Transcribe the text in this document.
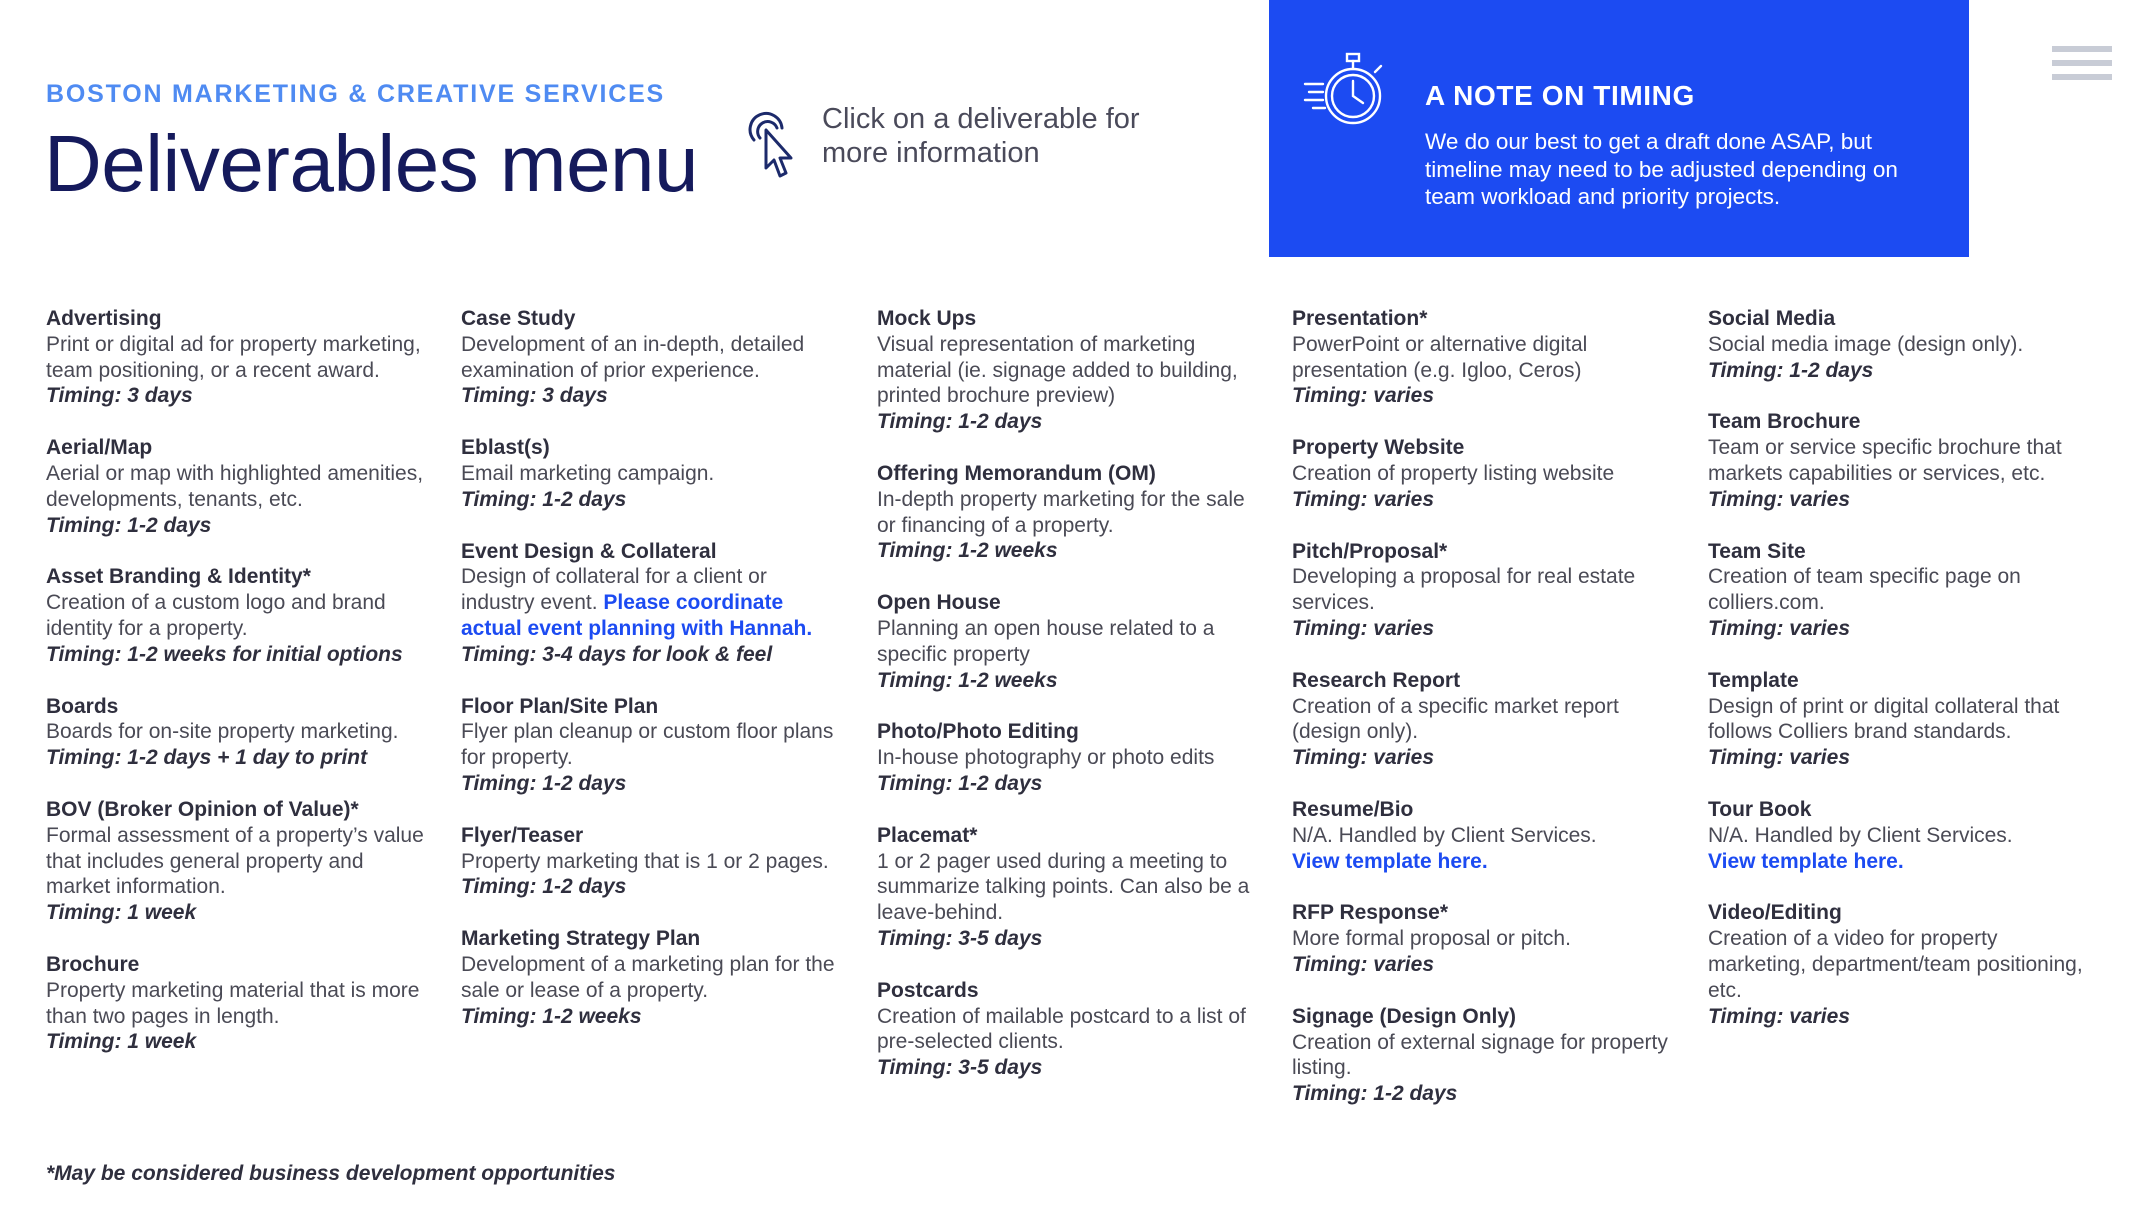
BOSTON MARKETING & CREATIVE SERVICES
Deliverables menu	Click on a deliverable for
more information
A NOTE ON TIMING
We do our best to get a draft done ASAP, but timeline may need to be adjusted depending on team workload and priority projects.
Advertising
Print or digital ad for property marketing, team positioning, or a recent award.
Timing: 3 days
Aerial/Map
Aerial or map with highlighted amenities, developments, tenants, etc.
Timing: 1-2 days
Asset Branding & Identity*
Creation of a custom logo and brand identity for a property.
Timing: 1-2 weeks for initial options
Boards
Boards for on-site property marketing.
Timing: 1-2 days + 1 day to print
BOV (Broker Opinion of Value)*
Formal assessment of a property’s value that includes general property and market information.
Timing: 1 week
Brochure
Property marketing material that is more than two pages in length.
Timing: 1 week
Case Study
Development of an in-depth, detailed examination of prior experience.
Timing: 3 days
Eblast(s)
Email marketing campaign.
Timing: 1-2 days
Event Design & Collateral
Design of collateral for a client or industry event. Please coordinate actual event planning with Hannah.
Timing: 3-4 days for look & feel
Floor Plan/Site Plan
Flyer plan cleanup or custom floor plans for property.
Timing: 1-2 days
Flyer/Teaser
Property marketing that is 1 or 2 pages.
Timing: 1-2 days
Marketing Strategy Plan
Development of a marketing plan for the sale or lease of a property.
Timing: 1-2 weeks
Mock Ups
Visual representation of marketing material (ie. signage added to building, printed brochure preview)
Timing: 1-2 days
Offering Memorandum (OM)
In-depth property marketing for the sale or financing of a property.
Timing: 1-2 weeks
Open House
Planning an open house related to a specific property
Timing: 1-2 weeks
Photo/Photo Editing
In-house photography or photo edits
Timing: 1-2 days
Placemat*
1 or 2 pager used during a meeting to summarize talking points. Can also be a leave-behind.
Timing: 3-5 days
Postcards
Creation of mailable postcard to a list of pre-selected clients.
Timing: 3-5 days
Presentation*
PowerPoint or alternative digital presentation (e.g. Igloo, Ceros)
Timing: varies
Property Website
Creation of property listing website
Timing: varies
Pitch/Proposal*
Developing a proposal for real estate services.
Timing: varies
Research Report
Creation of a specific market report (design only).
Timing: varies
Resume/Bio
N/A. Handled by Client Services.
View template here.
RFP Response*
More formal proposal or pitch.
Timing: varies
Signage (Design Only)
Creation of external signage for property listing.
Timing: 1-2 days
Social Media
Social media image (design only).
Timing: 1-2 days
Team Brochure
Team or service specific brochure that markets capabilities or services, etc.
Timing: varies
Team Site
Creation of team specific page on colliers.com.
Timing: varies
Template
Design of print or digital collateral that follows Colliers brand standards.
Timing: varies
Tour Book
N/A. Handled by Client Services.
View template here.
Video/Editing
Creation of a video for property marketing, department/team positioning, etc.
Timing: varies
*May be considered business development opportunities
